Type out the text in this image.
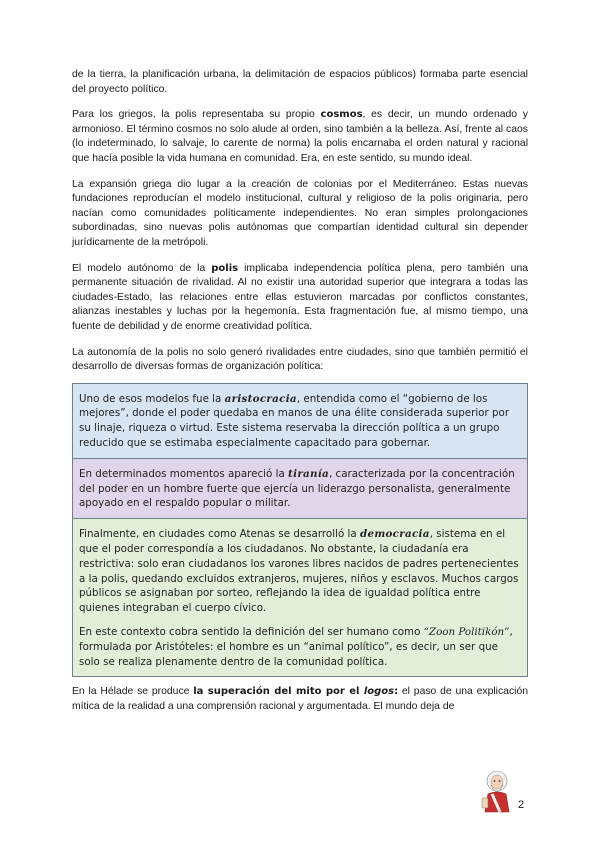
de la tierra, la planificación urbana, la delimitación de espacios públicos) formaba parte esencial del proyecto político.

Para los griegos, la polis representaba su propio cosmos, es decir, un mundo ordenado y armonioso. El término cosmos no solo alude al orden, sino también a la belleza. Así, frente al caos (lo indeterminado, lo salvaje, lo carente de norma) la polis encarnaba el orden natural y racional que hacía posible la vida humana en comunidad. Era, en este sentido, su mundo ideal.

La expansión griega dio lugar a la creación de colonias por el Mediterráneo. Estas nuevas fundaciones reproducían el modelo institucional, cultural y religioso de la polis originaria, pero nacían como comunidades políticamente independientes. No eran simples prolongaciones subordinadas, sino nuevas polis autónomas que compartían identidad cultural sin depender jurídicamente de la metrópoli.

El modelo autónomo de la polis implicaba independencia política plena, pero también una permanente situación de rivalidad. Al no existir una autoridad superior que integrara a todas las ciudades-Estado, las relaciones entre ellas estuvieron marcadas por conflictos constantes, alianzas inestables y luchas por la hegemonía. Esta fragmentación fue, al mismo tiempo, una fuente de debilidad y de enorme creatividad política.

La autonomía de la polis no solo generó rivalidades entre ciudades, sino que también permitió el desarrollo de diversas formas de organización política:

Uno de esos modelos fue la aristocracia, entendida como el “gobierno de los mejores”, donde el poder quedaba en manos de una élite considerada superior por su linaje, riqueza o virtud. Este sistema reservaba la dirección política a un grupo reducido que se estimaba especialmente capacitado para gobernar.

En determinados momentos apareció la tiranía, caracterizada por la concentración del poder en un hombre fuerte que ejercía un liderazgo personalista, generalmente apoyado en el respaldo popular o militar.

Finalmente, en ciudades como Atenas se desarrolló la democracia, sistema en el que el poder correspondía a los ciudadanos. No obstante, la ciudadanía era restrictiva: solo eran ciudadanos los varones libres nacidos de padres pertenecientes a la polis, quedando excluidos extranjeros, mujeres, niños y esclavos. Muchos cargos públicos se asignaban por sorteo, reflejando la idea de igualdad política entre quienes integraban el cuerpo cívico.

En este contexto cobra sentido la definición del ser humano como “Zoon Politikón”, formulada por Aristóteles: el hombre es un “animal político”, es decir, un ser que solo se realiza plenamente dentro de la comunidad política.

En la Hélade se produce la superación del mito por el logos: el paso de una explicación mítica de la realidad a una comprensión racional y argumentada. El mundo deja de

2
